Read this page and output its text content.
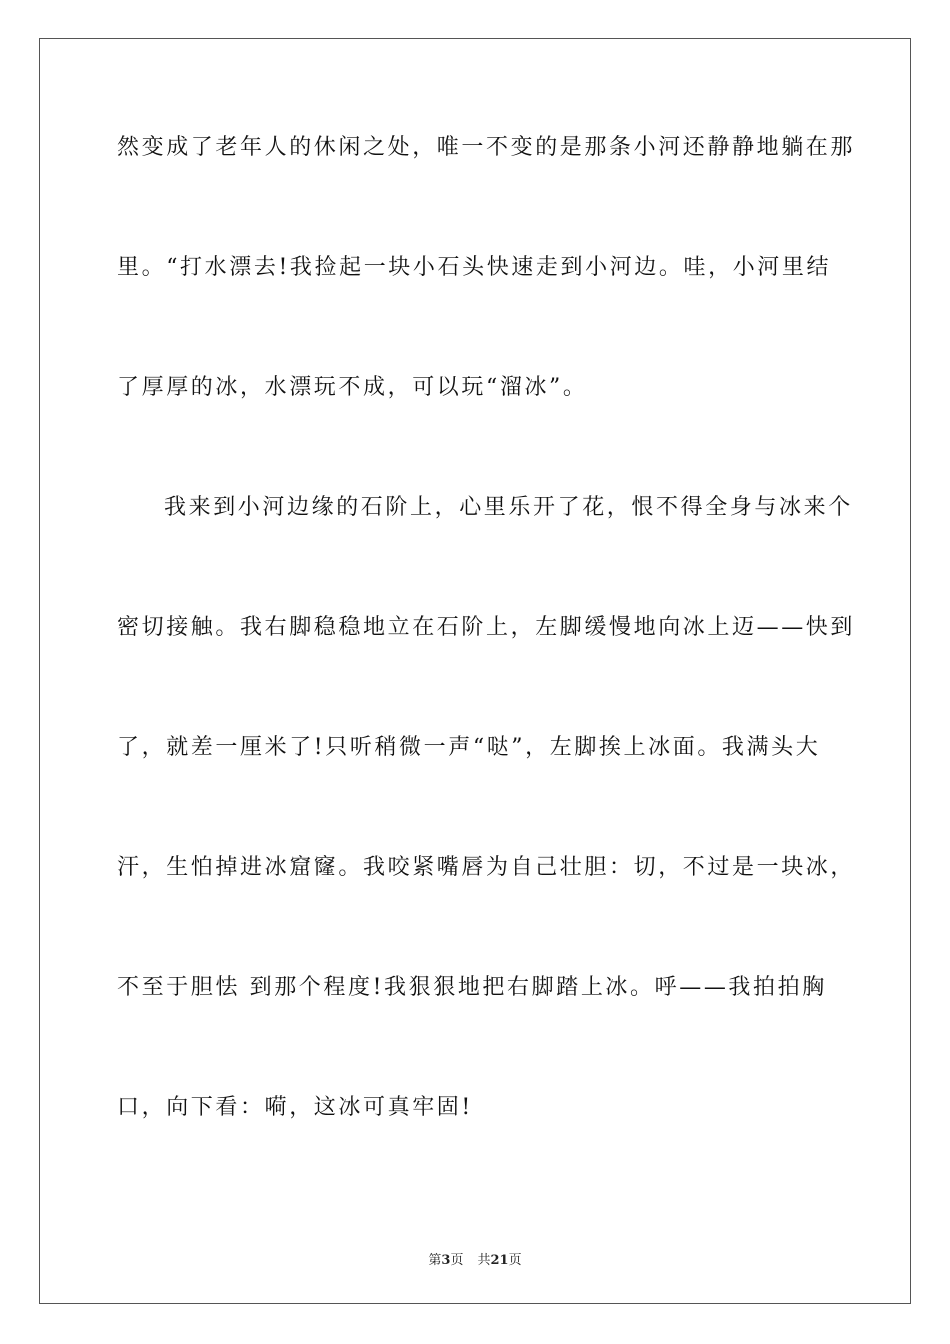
然变成了老年人的休闲之处，唯一不变的是那条小河还静静地躺在那
里。“打水漂去!我捡起一块小石头快速走到小河边。哇，小河里结
了厚厚的冰，水漂玩不成，可以玩“溜冰”。
我来到小河边缘的石阶上，心里乐开了花，恨不得全身与冰来个
密切接触。我右脚稳稳地立在石阶上，左脚缓慢地向冰上迈——快到
了，就差一厘米了!只听稍微一声“哒”，左脚挨上冰面。我满头大
汗，生怕掉进冰窟窿。我咬紧嘴唇为自己壮胆：切，不过是一块冰，
不至于胆怯 到那个程度!我狠狠地把右脚踏上冰。呼——我拍拍胸
口，向下看：嗬，这冰可真牢固!
第3页 共21页
